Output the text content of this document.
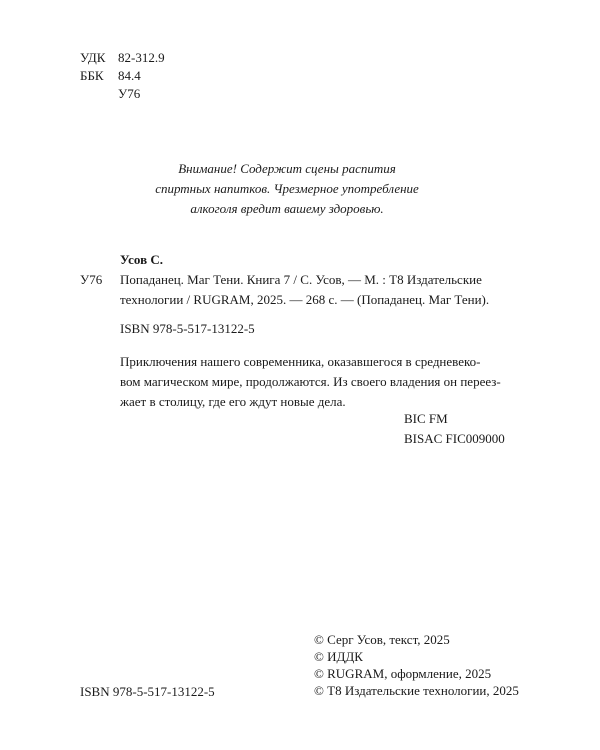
УДК 82-312.9
ББК 84.4
У76
Внимание! Содержит сцены распития
спиртных напитков. Чрезмерное употребление
алкоголя вредит вашему здоровью.
Усов С.
У76 Попаданец. Маг Тени. Книга 7 / С. Усов, — М. : Т8 Издательские
технологии / RUGRAM, 2025. — 268 с. — (Попаданец. Маг Тени).
ISBN 978-5-517-13122-5
Приключения нашего современника, оказавшегося в средневеко-
вом магическом мире, продолжаются. Из своего владения он переез-
жает в столицу, где его ждут новые дела.
BIC FM
BISAC FIC009000
© Серг Усов, текст, 2025
© ИДДК
© RUGRAM, оформление, 2025
© Т8 Издательские технологии, 2025
ISBN 978-5-517-13122-5
